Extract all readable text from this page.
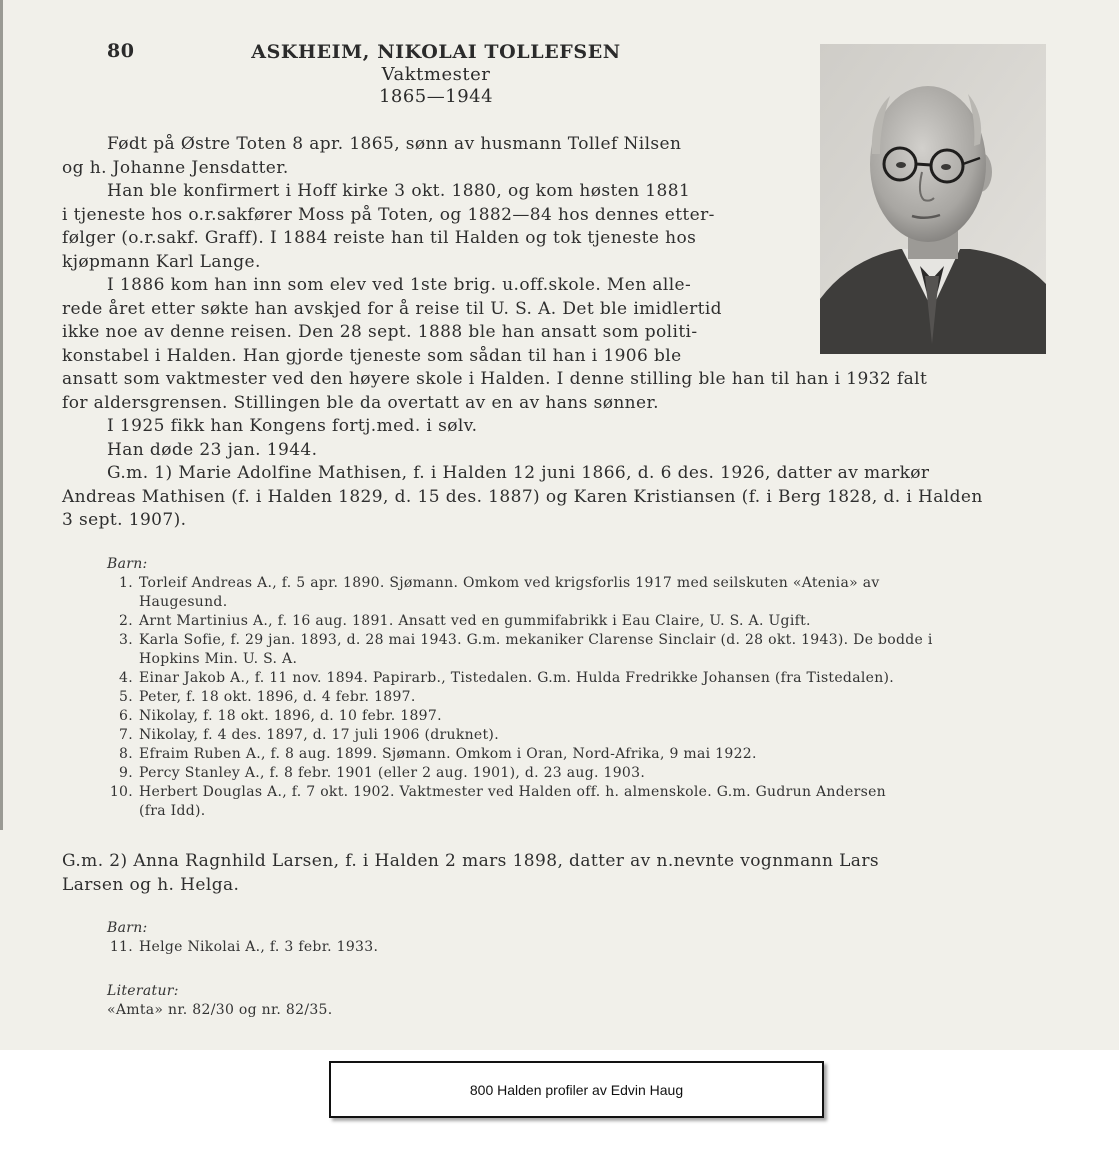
80	ASKHEIM, NIKOLAI TOLLEFSEN
Vaktmester
1865—1944
Født på Østre Toten 8 apr. 1865, sønn av husmann Tollef Nilsen
og h. Johanne Jensdatter.
Han ble konfirmert i Hoff kirke 3 okt. 1880, og kom høsten 1881
i tjeneste hos o.r.sakfører Moss på Toten, og 1882—84 hos dennes etter-
følger (o.r.sakf. Graff). I 1884 reiste han til Halden og tok tjeneste hos
kjøpmann Karl Lange.
I 1886 kom han inn som elev ved 1ste brig. u.off.skole. Men alle-
rede året etter søkte han avskjed for å reise til U. S. A. Det ble imidlertid
ikke noe av denne reisen. Den 28 sept. 1888 ble han ansatt som politi-
konstabel i Halden. Han gjorde tjeneste som sådan til han i 1906 ble
ansatt som vaktmester ved den høyere skole i Halden. I denne stilling ble han til han i 1932 falt
for aldersgrensen. Stillingen ble da overtatt av en av hans sønner.
I 1925 fikk han Kongens fortj.med. i sølv.
Han døde 23 jan. 1944.
G.m. 1) Marie Adolfine Mathisen, f. i Halden 12 juni 1866, d. 6 des. 1926, datter av markør
Andreas Mathisen (f. i Halden 1829, d. 15 des. 1887) og Karen Kristiansen (f. i Berg 1828, d. i Halden
3 sept. 1907).
Barn:
1. Torleif Andreas A., f. 5 apr. 1890. Sjømann. Omkom ved krigsforlis 1917 med seilskuten «Atenia» av
Haugesund.
2. Arnt Martinius A., f. 16 aug. 1891. Ansatt ved en gummifabrikk i Eau Claire, U. S. A. Ugift.
3. Karla Sofie, f. 29 jan. 1893, d. 28 mai 1943. G.m. mekaniker Clarense Sinclair (d. 28 okt. 1943). De bodde i
Hopkins Min. U. S. A.
4. Einar Jakob A., f. 11 nov. 1894. Papirarb., Tistedalen. G.m. Hulda Fredrikke Johansen (fra Tistedalen).
5. Peter, f. 18 okt. 1896, d. 4 febr. 1897.
6. Nikolay, f. 18 okt. 1896, d. 10 febr. 1897.
7. Nikolay, f. 4 des. 1897, d. 17 juli 1906 (druknet).
8. Efraim Ruben A., f. 8 aug. 1899. Sjømann. Omkom i Oran, Nord-Afrika, 9 mai 1922.
9. Percy Stanley A., f. 8 febr. 1901 (eller 2 aug. 1901), d. 23 aug. 1903.
10. Herbert Douglas A., f. 7 okt. 1902. Vaktmester ved Halden off. h. almenskole. G.m. Gudrun Andersen
(fra Idd).
G.m. 2) Anna Ragnhild Larsen, f. i Halden 2 mars 1898, datter av n.nevnte vognmann Lars
Larsen og h. Helga.
Barn:
11. Helge Nikolai A., f. 3 febr. 1933.
Literatur:
«Amta» nr. 82/30 og nr. 82/35.
800 Halden profiler av Edvin Haug
